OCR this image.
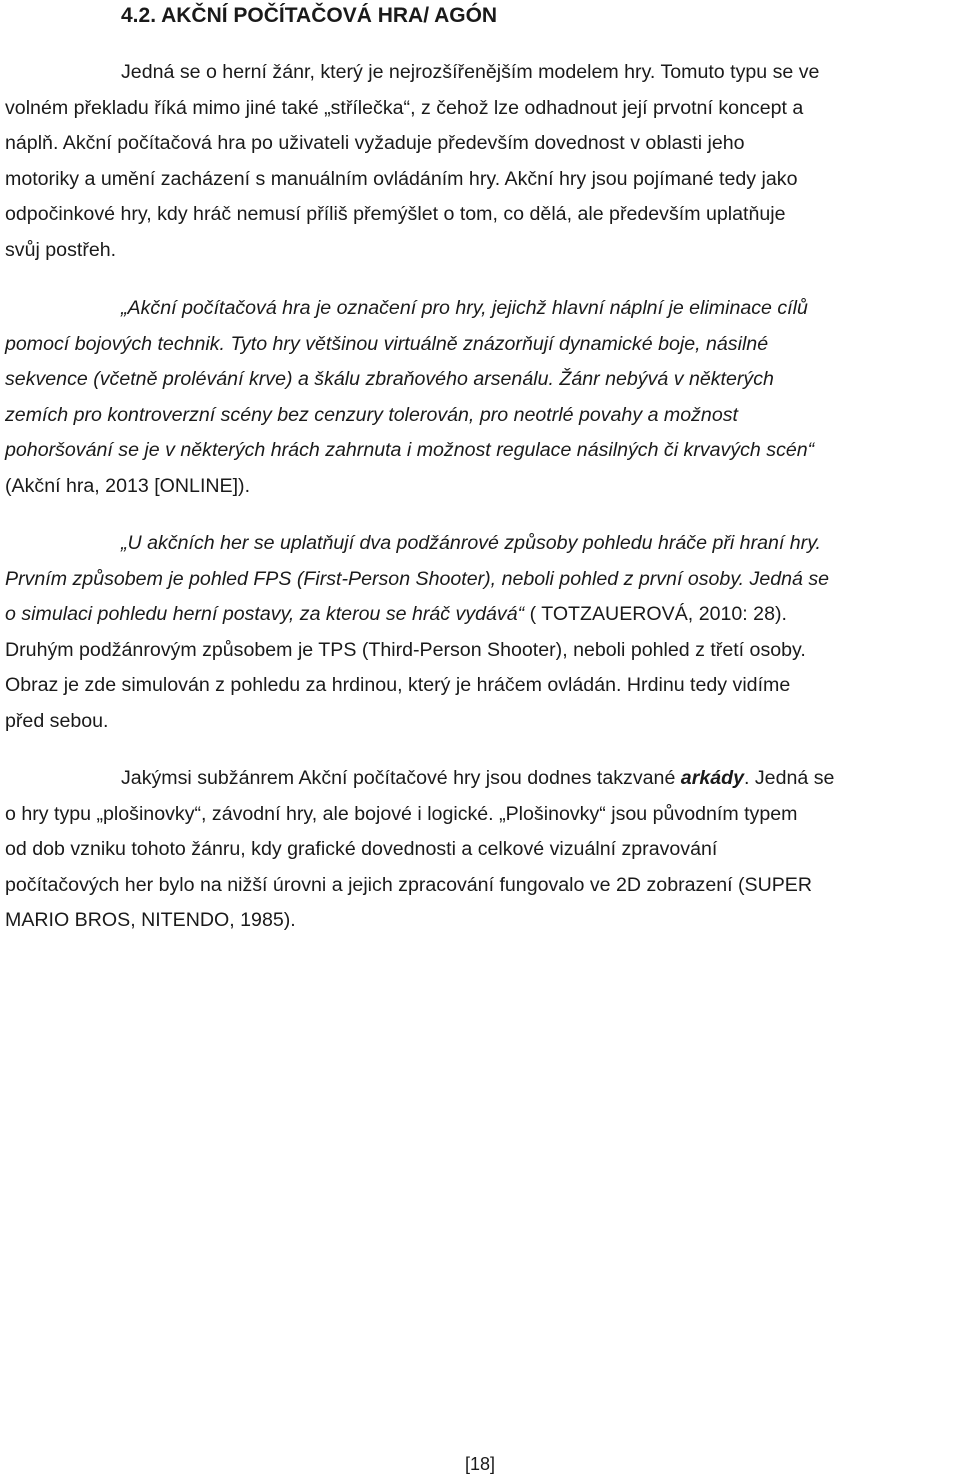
4.2. AKČNÍ POČÍTAČOVÁ HRA/ AGÓN

Jedná se o herní žánr, který je nejrozšířenějším modelem hry. Tomuto typu se ve
volném překladu říká mimo jiné také „střílečka“, z čehož lze odhadnout její prvotní koncept a
náplň. Akční počítačová hra po uživateli vyžaduje především dovednost v oblasti jeho
motoriky a umění zacházení s manuálním ovládáním hry. Akční hry jsou pojímané tedy jako
odpočinkové hry, kdy hráč nemusí příliš přemýšlet o tom, co dělá, ale především uplatňuje
svůj postřeh.

„Akční počítačová hra je označení pro hry, jejichž hlavní náplní je eliminace cílů
pomocí bojových technik. Tyto hry většinou virtuálně znázorňují dynamické boje, násilné
sekvence (včetně prolévání krve) a škálu zbraňového arsenálu. Žánr nebývá v některých
zemích pro kontroverzní scény bez cenzury tolerován, pro neotrlé povahy a možnost
pohoršování se je v některých hrách zahrnuta i možnost regulace násilných či krvavých scén“
(Akční hra, 2013 [ONLINE]).

„U akčních her se uplatňují dva podžánrové způsoby pohledu hráče při hraní hry.
Prvním způsobem je pohled FPS (First-Person Shooter), neboli pohled z první osoby. Jedná se
o simulaci pohledu herní postavy, za kterou se hráč vydává“ ( TOTZAUEROVÁ, 2010: 28).
Druhým podžánrovým způsobem je TPS (Third-Person Shooter), neboli pohled z třetí osoby.
Obraz je zde simulován z pohledu za hrdinou, který je hráčem ovládán. Hrdinu tedy vidíme
před sebou.

Jakýmsi subžánrem Akční počítačové hry jsou dodnes takzvané arkády. Jedná se
o hry typu „plošinovky“, závodní hry, ale bojové i logické. „Plošinovky“ jsou původním typem
od dob vzniku tohoto žánru, kdy grafické dovednosti a celkové vizuální zpravování
počítačových her bylo na nižší úrovni a jejich zpracování fungovalo ve 2D zobrazení (SUPER
MARIO BROS, NITENDO, 1985).

[18]
